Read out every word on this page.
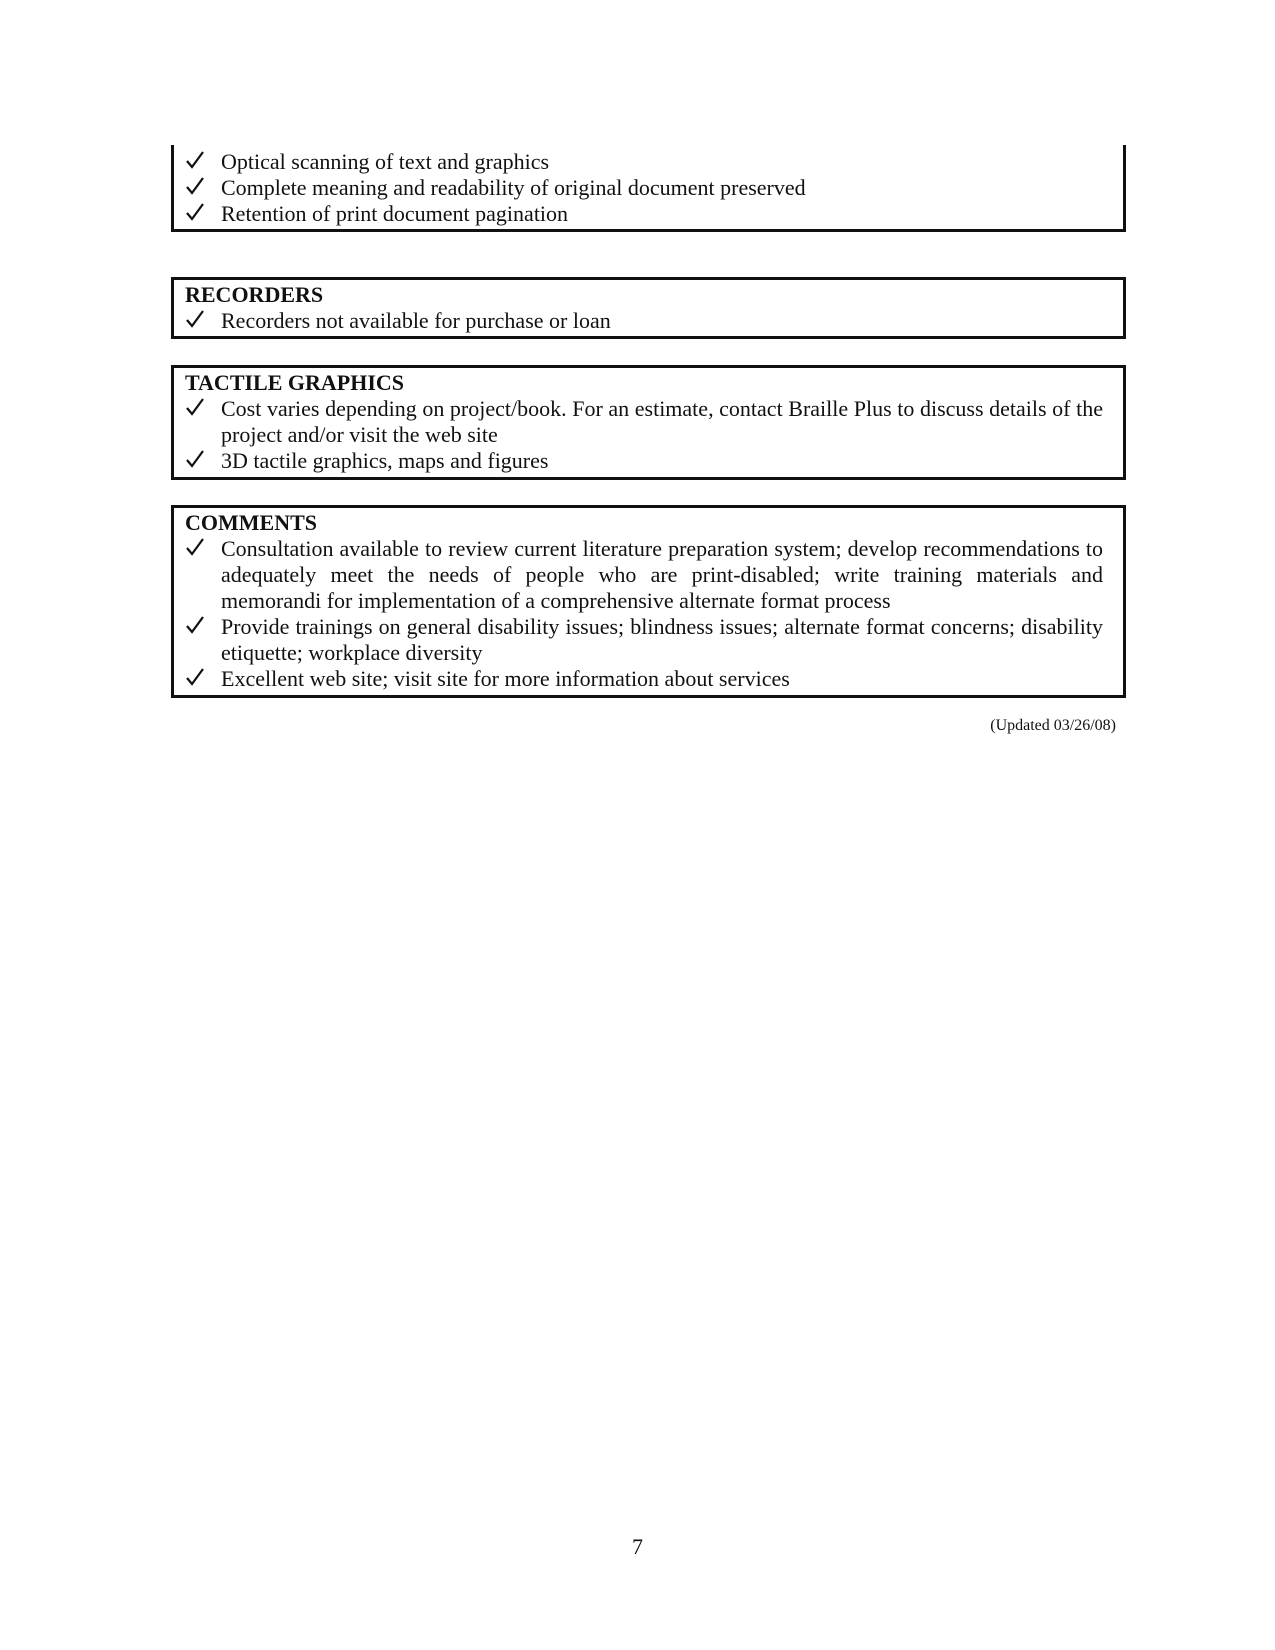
Optical scanning of text and graphics
Complete meaning and readability of original document preserved
Retention of print document pagination
RECORDERS
Recorders not available for purchase or loan
TACTILE GRAPHICS
Cost varies depending on project/book. For an estimate, contact Braille Plus to discuss details of the project and/or visit the web site
3D tactile graphics, maps and figures
COMMENTS
Consultation available to review current literature preparation system; develop recommendations to adequately meet the needs of people who are print-disabled; write training materials and memorandi for implementation of a comprehensive alternate format process
Provide trainings on general disability issues; blindness issues; alternate format concerns; disability etiquette; workplace diversity
Excellent web site; visit site for more information about services
(Updated 03/26/08)
7
